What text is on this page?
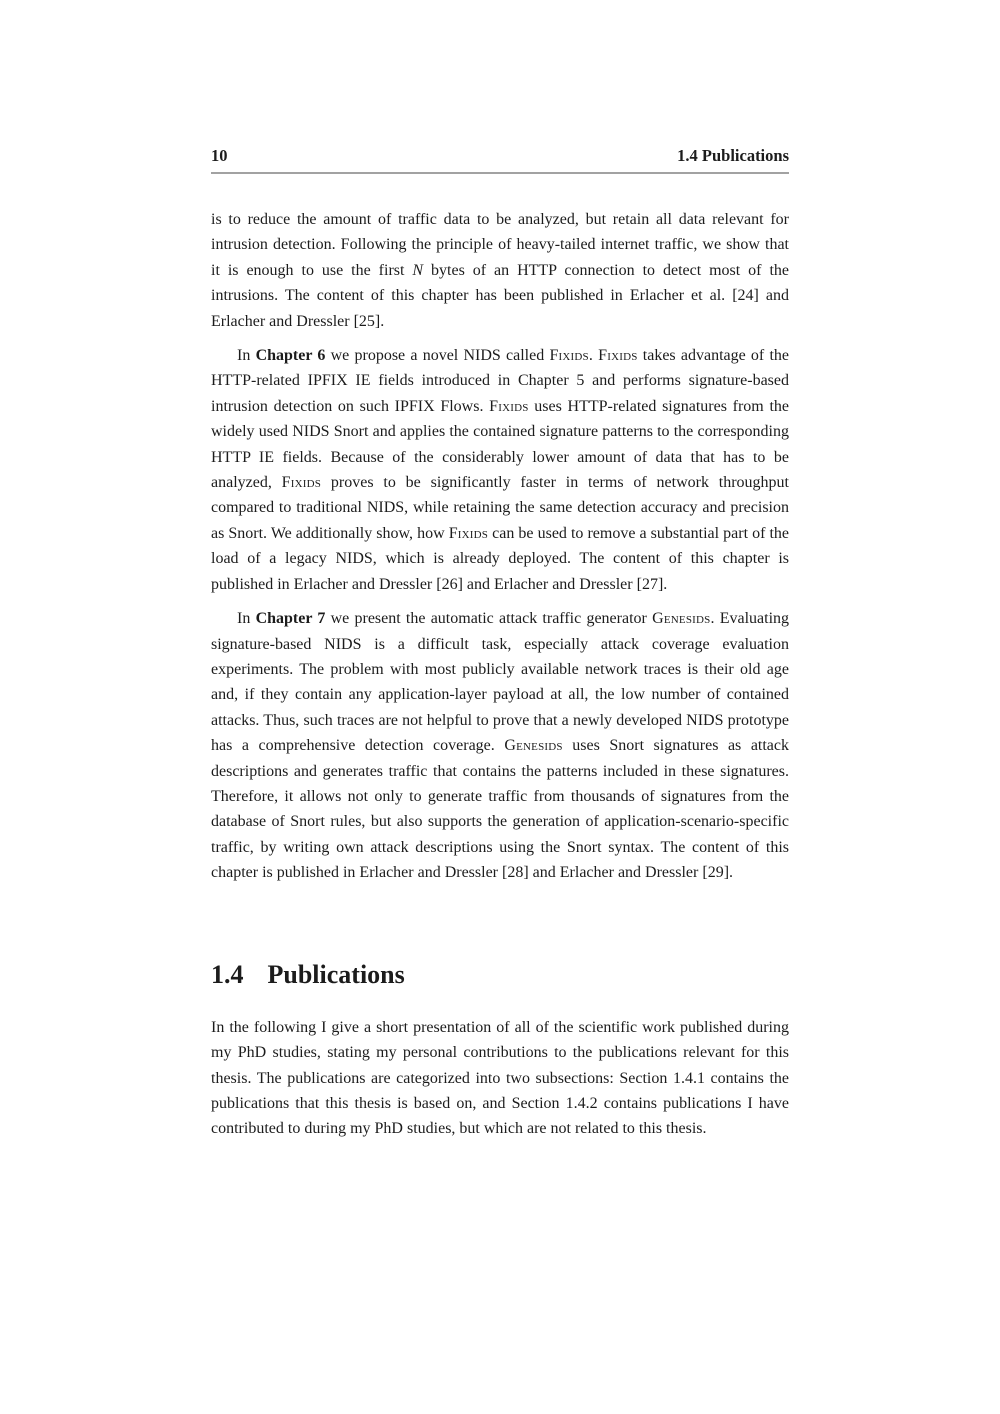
10	1.4 Publications

is to reduce the amount of traffic data to be analyzed, but retain all data relevant for intrusion detection. Following the principle of heavy-tailed internet traffic, we show that it is enough to use the first N bytes of an HTTP connection to detect most of the intrusions. The content of this chapter has been published in Erlacher et al. [24] and Erlacher and Dressler [25].

In Chapter 6 we propose a novel NIDS called Fixids. Fixids takes advantage of the HTTP-related IPFIX IE fields introduced in Chapter 5 and performs signature-based intrusion detection on such IPFIX Flows. Fixids uses HTTP-related signatures from the widely used NIDS Snort and applies the contained signature patterns to the corresponding HTTP IE fields. Because of the considerably lower amount of data that has to be analyzed, Fixids proves to be significantly faster in terms of network throughput compared to traditional NIDS, while retaining the same detection accuracy and precision as Snort. We additionally show, how Fixids can be used to remove a substantial part of the load of a legacy NIDS, which is already deployed. The content of this chapter is published in Erlacher and Dressler [26] and Erlacher and Dressler [27].

In Chapter 7 we present the automatic attack traffic generator Genesids. Evaluating signature-based NIDS is a difficult task, especially attack coverage evaluation experiments. The problem with most publicly available network traces is their old age and, if they contain any application-layer payload at all, the low number of contained attacks. Thus, such traces are not helpful to prove that a newly developed NIDS prototype has a comprehensive detection coverage. Genesids uses Snort signatures as attack descriptions and generates traffic that contains the patterns included in these signatures. Therefore, it allows not only to generate traffic from thousands of signatures from the database of Snort rules, but also supports the generation of application-scenario-specific traffic, by writing own attack descriptions using the Snort syntax. The content of this chapter is published in Erlacher and Dressler [28] and Erlacher and Dressler [29].

1.4 Publications

In the following I give a short presentation of all of the scientific work published during my PhD studies, stating my personal contributions to the publications relevant for this thesis. The publications are categorized into two subsections: Section 1.4.1 contains the publications that this thesis is based on, and Section 1.4.2 contains publications I have contributed to during my PhD studies, but which are not related to this thesis.
